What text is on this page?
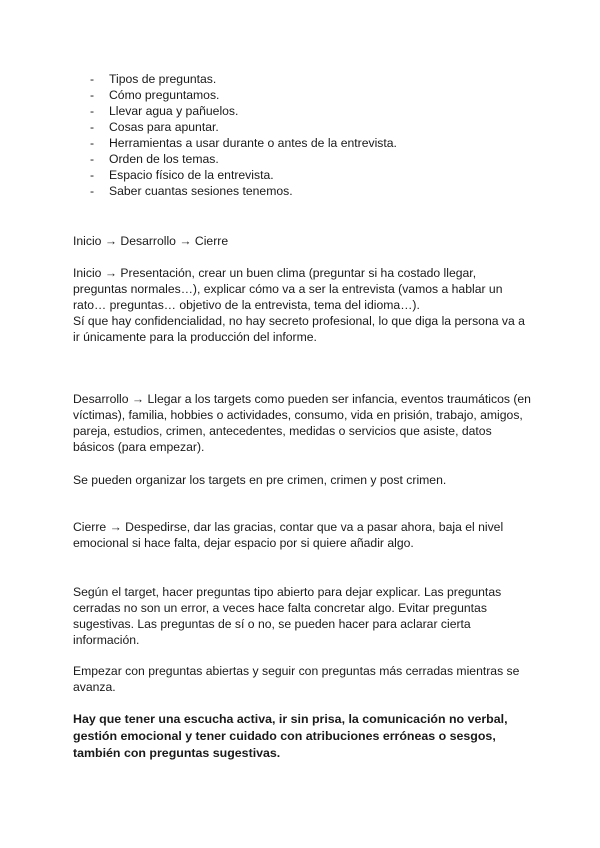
- Tipos de preguntas.
- Cómo preguntamos.
- Llevar agua y pañuelos.
- Cosas para apuntar.
- Herramientas a usar durante o antes de la entrevista.
- Orden de los temas.
- Espacio físico de la entrevista.
- Saber cuantas sesiones tenemos.

Inicio → Desarrollo → Cierre

Inicio → Presentación, crear un buen clima (preguntar si ha costado llegar,
preguntas normales…), explicar cómo va a ser la entrevista (vamos a hablar un
rato… preguntas… objetivo de la entrevista, tema del idioma…).
Sí que hay confidencialidad, no hay secreto profesional, lo que diga la persona va a
ir únicamente para la producción del informe.

Desarrollo → Llegar a los targets como pueden ser infancia, eventos traumáticos (en
víctimas), familia, hobbies o actividades, consumo, vida en prisión, trabajo, amigos,
pareja, estudios, crimen, antecedentes, medidas o servicios que asiste, datos
básicos (para empezar).

Se pueden organizar los targets en pre crimen, crimen y post crimen.

Cierre → Despedirse, dar las gracias, contar que va a pasar ahora, baja el nivel
emocional si hace falta, dejar espacio por si quiere añadir algo.

Según el target, hacer preguntas tipo abierto para dejar explicar. Las preguntas
cerradas no son un error, a veces hace falta concretar algo. Evitar preguntas
sugestivas. Las preguntas de sí o no, se pueden hacer para aclarar cierta
información.

Empezar con preguntas abiertas y seguir con preguntas más cerradas mientras se
avanza.

Hay que tener una escucha activa, ir sin prisa, la comunicación no verbal,
gestión emocional y tener cuidado con atribuciones erróneas o sesgos,
también con preguntas sugestivas.
